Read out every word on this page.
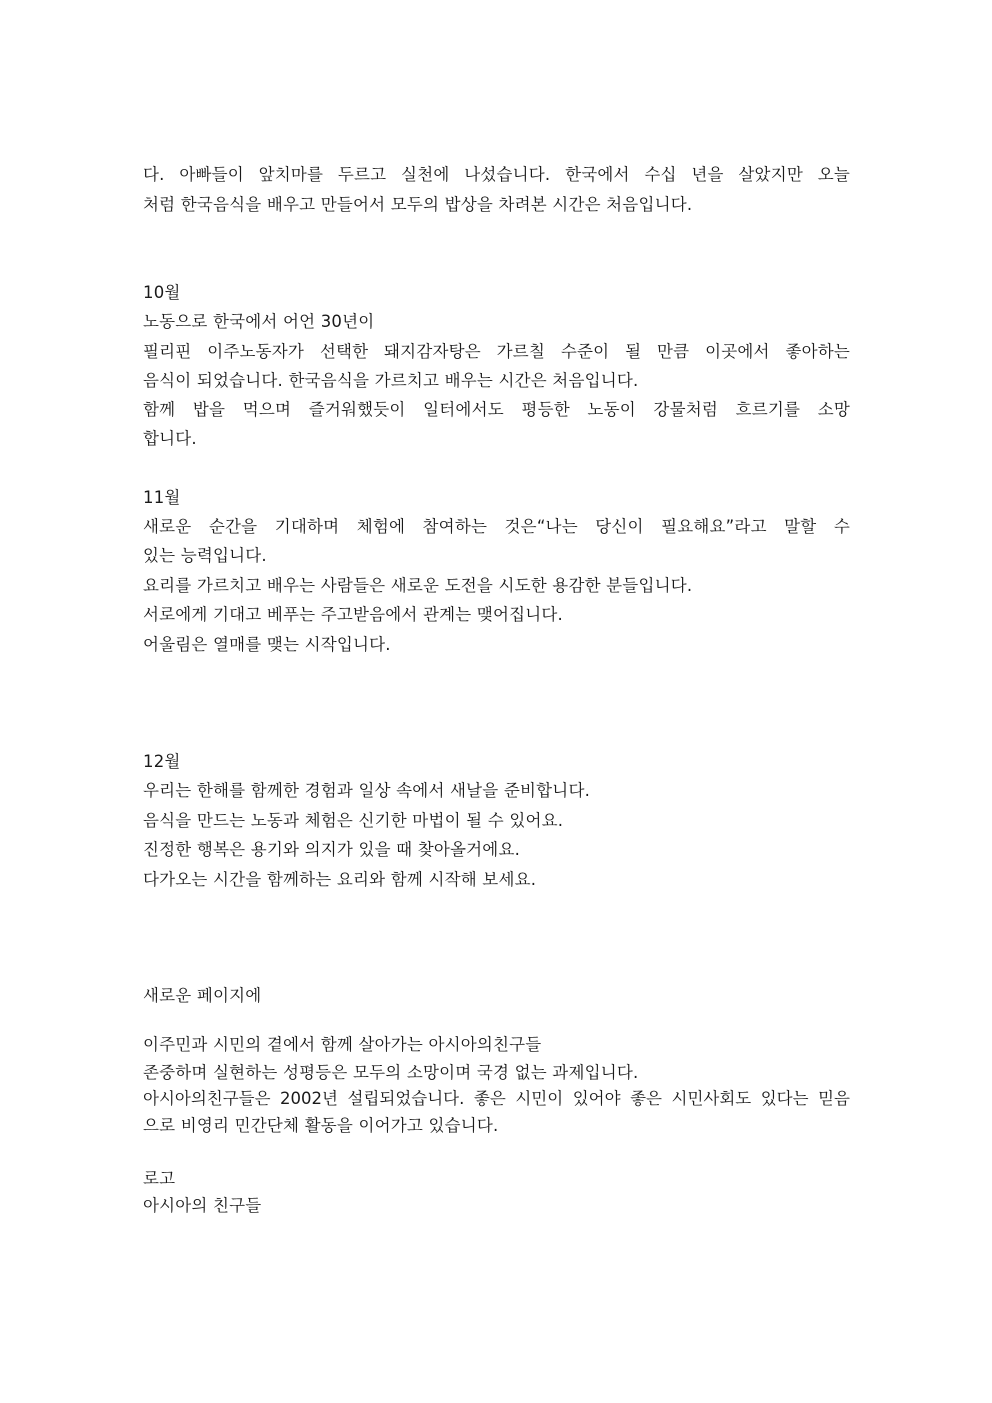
다. 아빠들이 앞치마를 두르고 실천에 나섰습니다. 한국에서 수십 년을 살았지만 오늘
처럼 한국음식을 배우고 만들어서 모두의 밥상을 차려본 시간은 처음입니다.
10월
노동으로 한국에서 어언 30년이
필리핀 이주노동자가 선택한 돼지감자탕은 가르칠 수준이 될 만큼 이곳에서 좋아하는
음식이 되었습니다. 한국음식을 가르치고 배우는 시간은 처음입니다.
함께 밥을 먹으며 즐거워했듯이 일터에서도 평등한 노동이 강물처럼 흐르기를 소망
합니다.
11월
새로운 순간을 기대하며 체험에 참여하는 것은“나는 당신이 필요해요”라고 말할 수
있는 능력입니다.
요리를 가르치고 배우는 사람들은 새로운 도전을 시도한 용감한 분들입니다.
서로에게 기대고 베푸는 주고받음에서 관계는 맺어집니다.
어울림은 열매를 맺는 시작입니다.
12월
우리는 한해를 함께한 경험과 일상 속에서 새날을 준비합니다.
음식을 만드는 노동과 체험은 신기한 마법이 될 수 있어요.
진정한 행복은 용기와 의지가 있을 때 찾아올거에요.
다가오는 시간을 함께하는 요리와 함께 시작해 보세요.
새로운 페이지에
이주민과 시민의 곁에서 함께 살아가는 아시아의친구들
존중하며 실현하는 성평등은 모두의 소망이며 국경 없는 과제입니다.
아시아의친구들은 2002년 설립되었습니다. 좋은 시민이 있어야 좋은 시민사회도 있다는 믿음
으로 비영리 민간단체 활동을 이어가고 있습니다.
로고
아시아의 친구들
